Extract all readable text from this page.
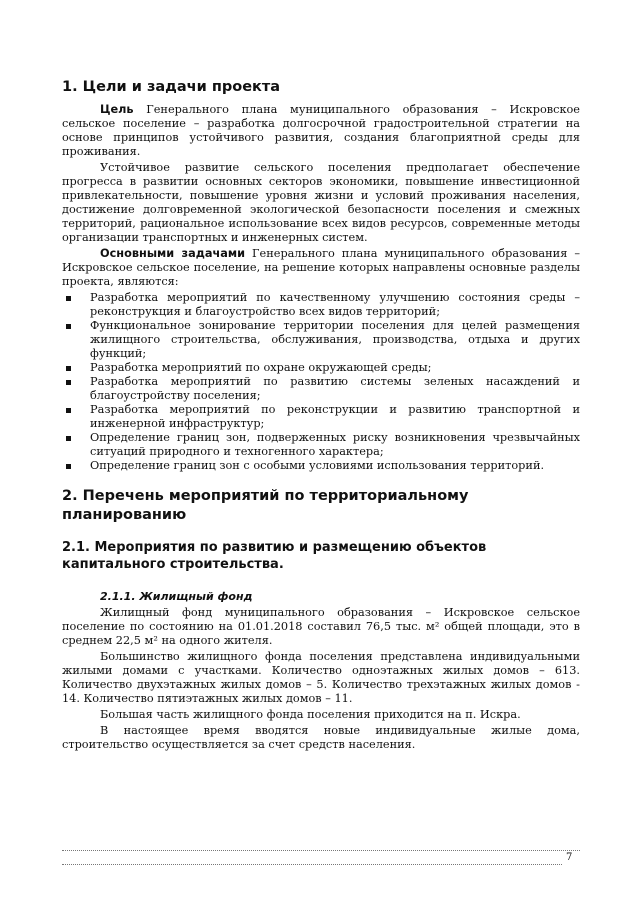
1. Цели и задачи проекта

Цель Генерального плана муниципального образования – Искровское сельское поселение – разработка долгосрочной градостроительной стратегии на основе принципов устойчивого развития, создания благоприятной среды для проживания.

Устойчивое развитие сельского поселения предполагает обеспечение прогресса в развитии основных секторов экономики, повышение инвестиционной привлекательности, повышение уровня жизни и условий проживания населения, достижение долговременной экологической безопасности поселения и смежных территорий, рациональное использование всех видов ресурсов, современные методы организации транспортных и инженерных систем.

Основными задачами Генерального плана муниципального образования – Искровское сельское поселение, на решение которых направлены основные разделы проекта, являются:

Разработка мероприятий по качественному улучшению состояния среды – реконструкция и благоустройство всех видов территорий;
Функциональное зонирование территории поселения для целей размещения жилищного строительства, обслуживания, производства, отдыха и других функций;
Разработка мероприятий по охране окружающей среды;
Разработка мероприятий по развитию системы зеленых насаждений и благоустройству поселения;
Разработка мероприятий по реконструкции и развитию транспортной и инженерной инфраструктур;
Определение границ зон, подверженных риску возникновения чрезвычайных ситуаций природного и техногенного характера;
Определение границ зон с особыми условиями использования территорий.
2. Перечень мероприятий по территориальному планированию
2.1. Мероприятия по развитию и размещению объектов капитального строительства.
2.1.1. Жилищный фонд

Жилищный фонд муниципального образования – Искровское сельское поселение по состоянию на 01.01.2018 составил 76,5 тыс. м² общей площади, это в среднем 22,5 м² на одного жителя.

Большинство жилищного фонда поселения представлена индивидуальными жилыми домами с участками. Количество одноэтажных жилых домов – 613. Количество двухэтажных жилых домов – 5. Количество трехэтажных жилых домов - 14. Количество пятиэтажных жилых домов – 11.

Большая часть жилищного фонда поселения приходится на п. Искра.

В настоящее время вводятся новые индивидуальные жилые дома, строительство осуществляется за счет средств населения.

7
